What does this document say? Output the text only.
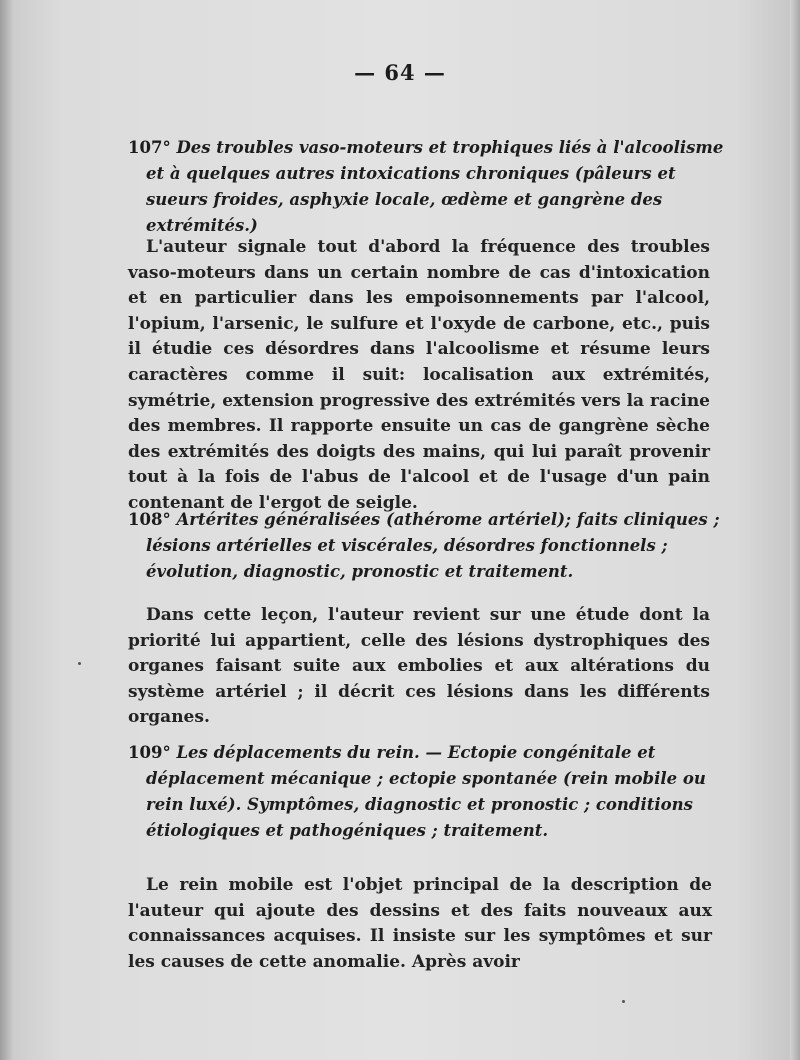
— 64 —
107° Des troubles vaso-moteurs et trophiques liés à l'alcoolisme et à quelques autres intoxications chroniques (pâleurs et sueurs froides, asphyxie locale, œdème et gangrène des extrémités.)
L'auteur signale tout d'abord la fréquence des troubles vaso-moteurs dans un certain nombre de cas d'intoxication et en particulier dans les empoisonnements par l'alcool, l'opium, l'arsenic, le sulfure et l'oxyde de carbone, etc., puis il étudie ces désordres dans l'alcoolisme et résume leurs caractères comme il suit: localisation aux extrémités, symétrie, extension progressive des extrémités vers la racine des membres. Il rapporte ensuite un cas de gangrène sèche des extrémités des doigts des mains, qui lui paraît provenir tout à la fois de l'abus de l'alcool et de l'usage d'un pain contenant de l'ergot de seigle.
108° Artérites généralisées (athérome artériel); faits cliniques ; lésions artérielles et viscérales, désordres fonctionnels ; évolution, diagnostic, pronostic et traitement.
Dans cette leçon, l'auteur revient sur une étude dont la priorité lui appartient, celle des lésions dystrophiques des organes faisant suite aux embolies et aux altérations du système artériel ; il décrit ces lésions dans les différents organes.
109° Les déplacements du rein. — Ectopie congénitale et déplacement mécanique ; ectopie spontanée (rein mobile ou rein luxé). Symptômes, diagnostic et pronostic ; conditions étiologiques et pathogéniques ; traitement.
Le rein mobile est l'objet principal de la description de l'auteur qui ajoute des dessins et des faits nouveaux aux connaissances acquises. Il insiste sur les symptômes et sur les causes de cette anomalie. Après avoir
